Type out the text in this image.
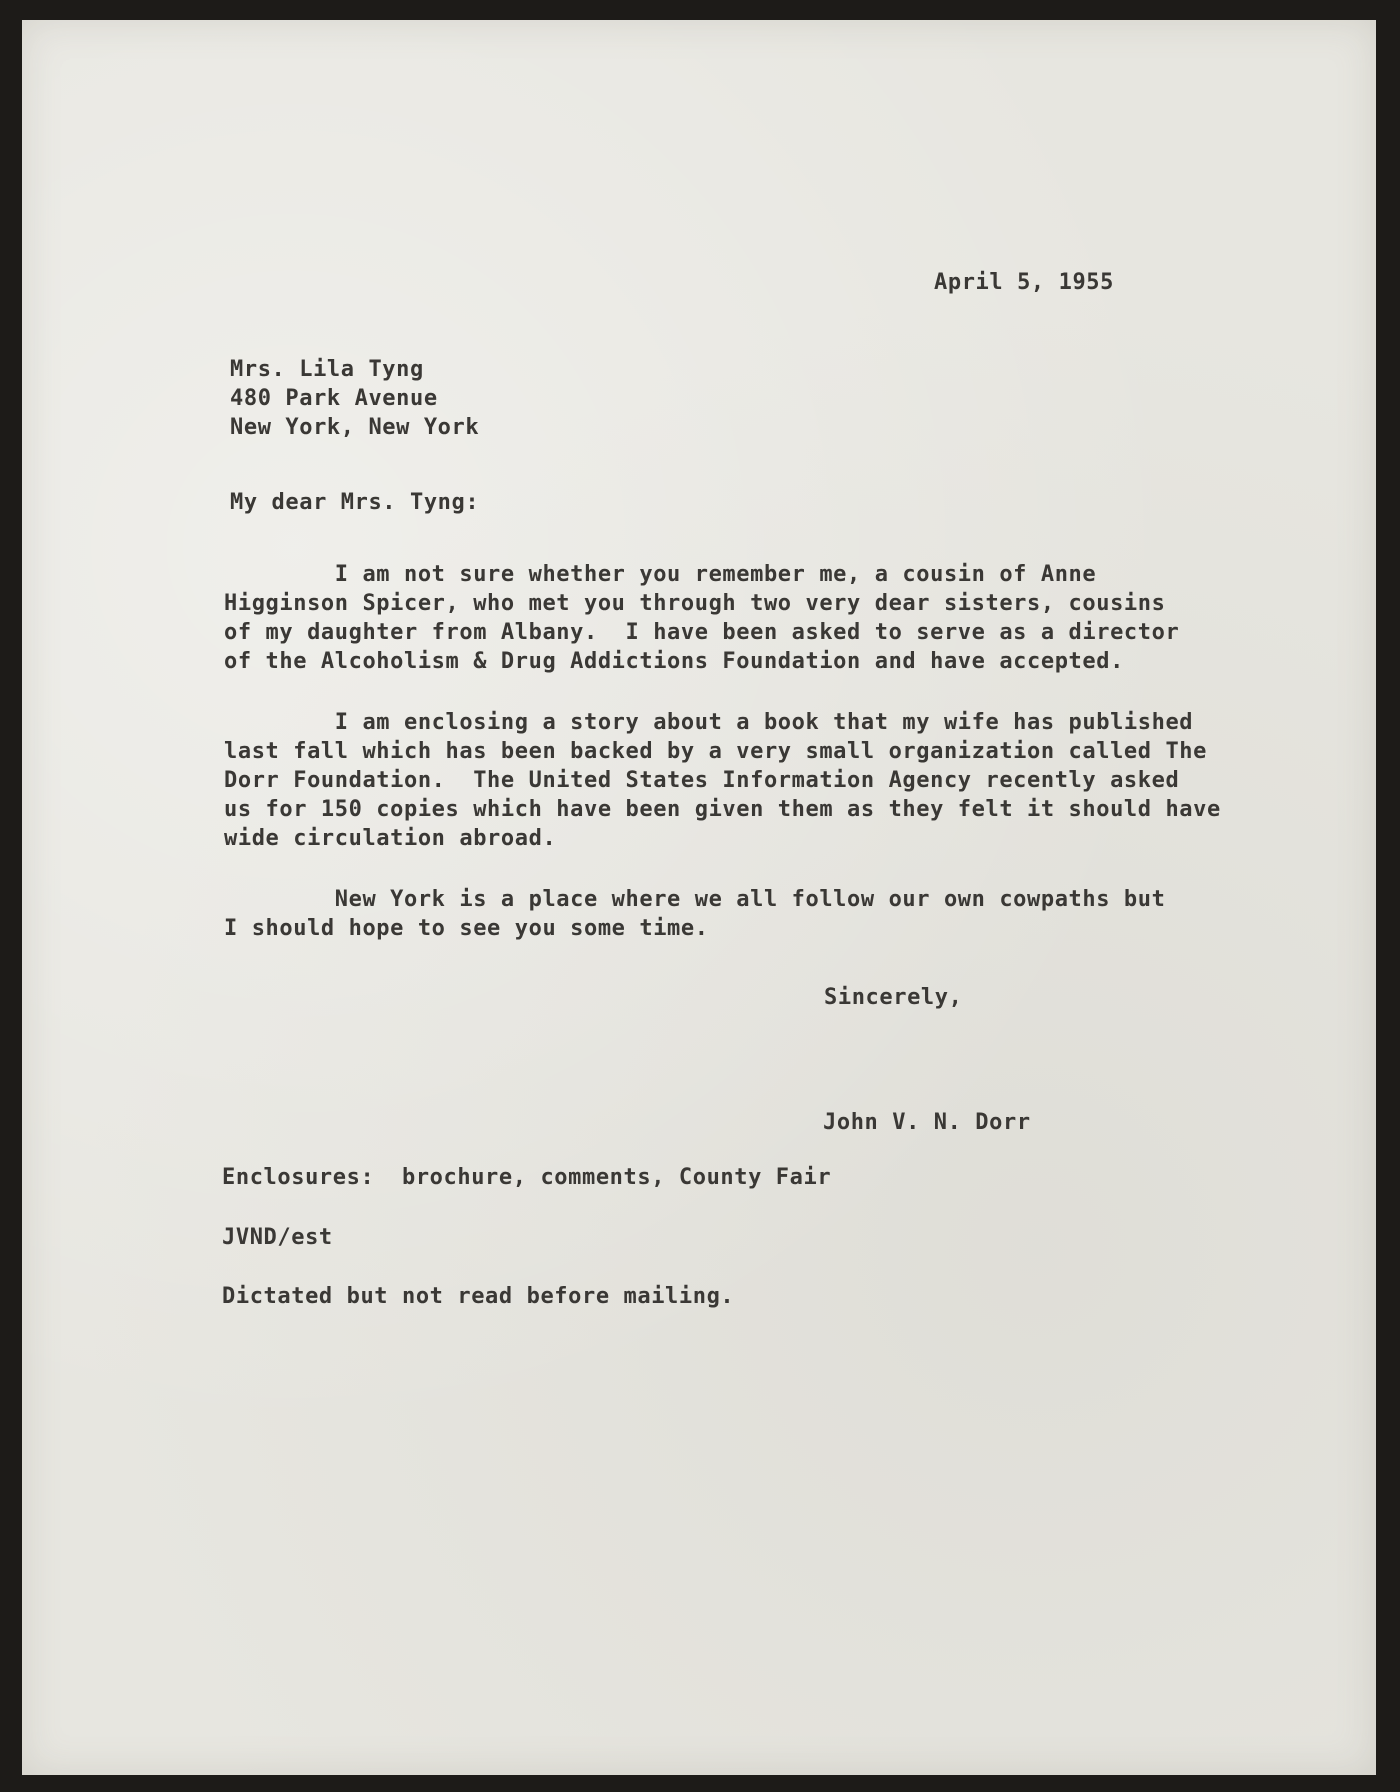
April 5, 1955
Mrs. Lila Tyng
480 Park Avenue
New York, New York
My dear Mrs. Tyng:
I am not sure whether you remember me, a cousin of Anne
Higginson Spicer, who met you through two very dear sisters, cousins
of my daughter from Albany.  I have been asked to serve as a director
of the Alcoholism & Drug Addictions Foundation and have accepted.
I am enclosing a story about a book that my wife has published
last fall which has been backed by a very small organization called The
Dorr Foundation.  The United States Information Agency recently asked
us for 150 copies which have been given them as they felt it should have
wide circulation abroad.
New York is a place where we all follow our own cowpaths but
I should hope to see you some time.
Sincerely,
John V. N. Dorr
Enclosures:  brochure, comments, County Fair
JVND/est
Dictated but not read before mailing.
